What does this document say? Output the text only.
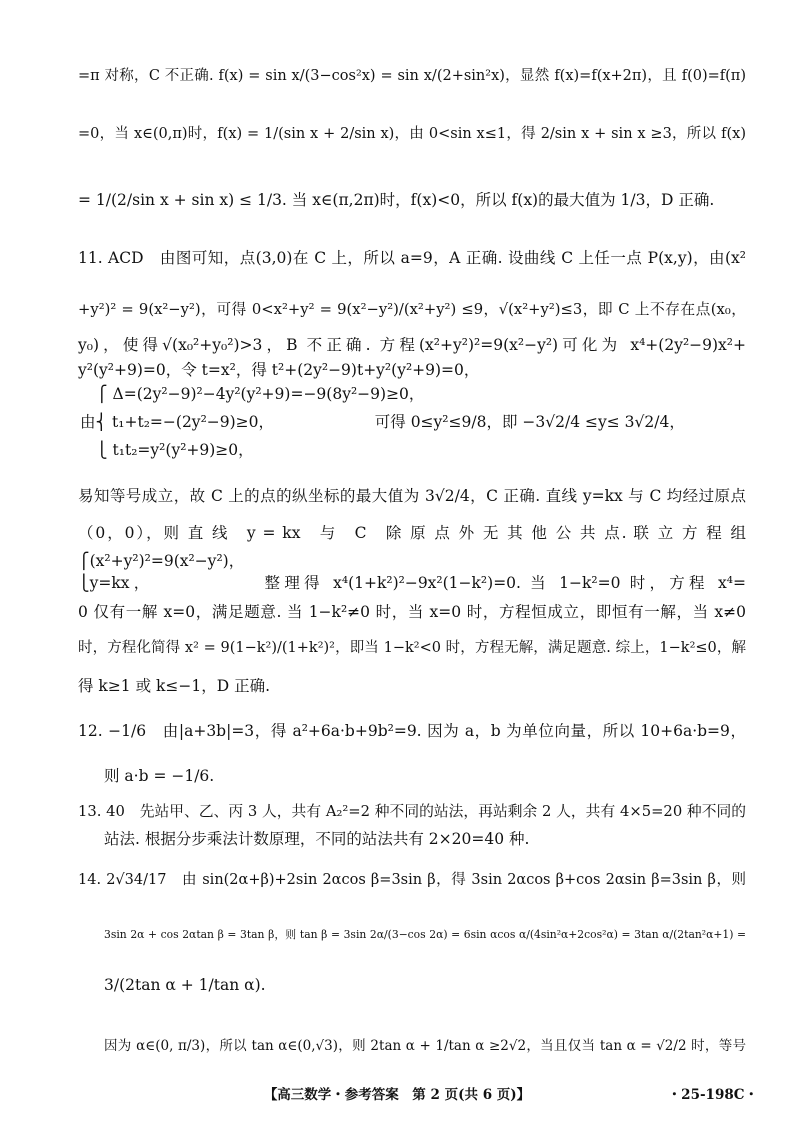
=π 对称，C 不正确. f(x) = sin x/(3−cos²x) = sin x/(2+sin²x)，显然 f(x)=f(x+2π)，且 f(0)=f(π)
=0，当 x∈(0,π)时，f(x) = 1/(sin x + 2/sin x)，由 0<sin x≤1，得 2/sin x + sin x ≥3，所以 f(x)
= 1/(2/sin x + sin x) ≤ 1/3. 当 x∈(π,2π)时，f(x)<0，所以 f(x)的最大值为 1/3，D 正确.
11. ACD　由图可知，点(3,0)在 C 上，所以 a=9，A 正确. 设曲线 C 上任一点 P(x,y)，由(x²
+y²)² = 9(x²−y²)，可得 0<x²+y² = 9(x²−y²)/(x²+y²) ≤9，√(x²+y²)≤3，即 C 上不存在点(x₀，
y₀)，使得√(x₀²+y₀²)>3，B 不正确. 方程(x²+y²)²=9(x²−y²)可化为 x⁴+(2y²−9)x²+
y²(y²+9)=0，令 t=x²，得 t²+(2y²−9)t+y²(y²+9)=0，
⎧ Δ=(2y²−9)²−4y²(y²+9)=−9(8y²−9)≥0，
由⎨ t₁+t₂=−(2y²−9)≥0，　　　　　　　可得 0≤y²≤9/8，即 −3√2/4 ≤y≤ 3√2/4，
⎩ t₁t₂=y²(y²+9)≥0，
易知等号成立，故 C 上的点的纵坐标的最大值为 3√2/4，C 正确. 直线 y=kx 与 C 均经过原点
（0，0），则 直 线　y = kx　与　C　除 原 点 外 无 其 他 公 共 点. 联 立 方 程 组
⎧(x²+y²)²=9(x²−y²)，
⎩y=kx，　　　　　　整理得 x⁴(1+k²)²−9x²(1−k²)=0. 当 1−k²=0 时，方程 x⁴=
0 仅有一解 x=0，满足题意. 当 1−k²≠0 时，当 x=0 时，方程恒成立，即恒有一解，当 x≠0
时，方程化简得 x² = 9(1−k²)/(1+k²)²，即当 1−k²<0 时，方程无解，满足题意. 综上，1−k²≤0，解
得 k≥1 或 k≤−1，D 正确.
12. −1/6　由|a+3b|=3，得 a²+6a·b+9b²=9. 因为 a，b 为单位向量，所以 10+6a·b=9，
则 a·b = −1/6.
13. 40　先站甲、乙、丙 3 人，共有 A₂²=2 种不同的站法，再站剩余 2 人，共有 4×5=20 种不同的
站法. 根据分步乘法计数原理，不同的站法共有 2×20=40 种.
14. 2√34/17　由 sin(2α+β)+2sin 2αcos β=3sin β，得 3sin 2αcos β+cos 2αsin β=3sin β，则
3sin 2α + cos 2αtan β = 3tan β，则 tan β = 3sin 2α/(3−cos 2α) = 6sin αcos α/(4sin²α+2cos²α) = 3tan α/(2tan²α+1) =
3/(2tan α + 1/tan α).
因为 α∈(0, π/3)，所以 tan α∈(0,√3)，则 2tan α + 1/tan α ≥2√2，当且仅当 tan α = √2/2 时，等号
【高三数学・参考答案　第 2 页(共 6 页)】	・25-198C・
